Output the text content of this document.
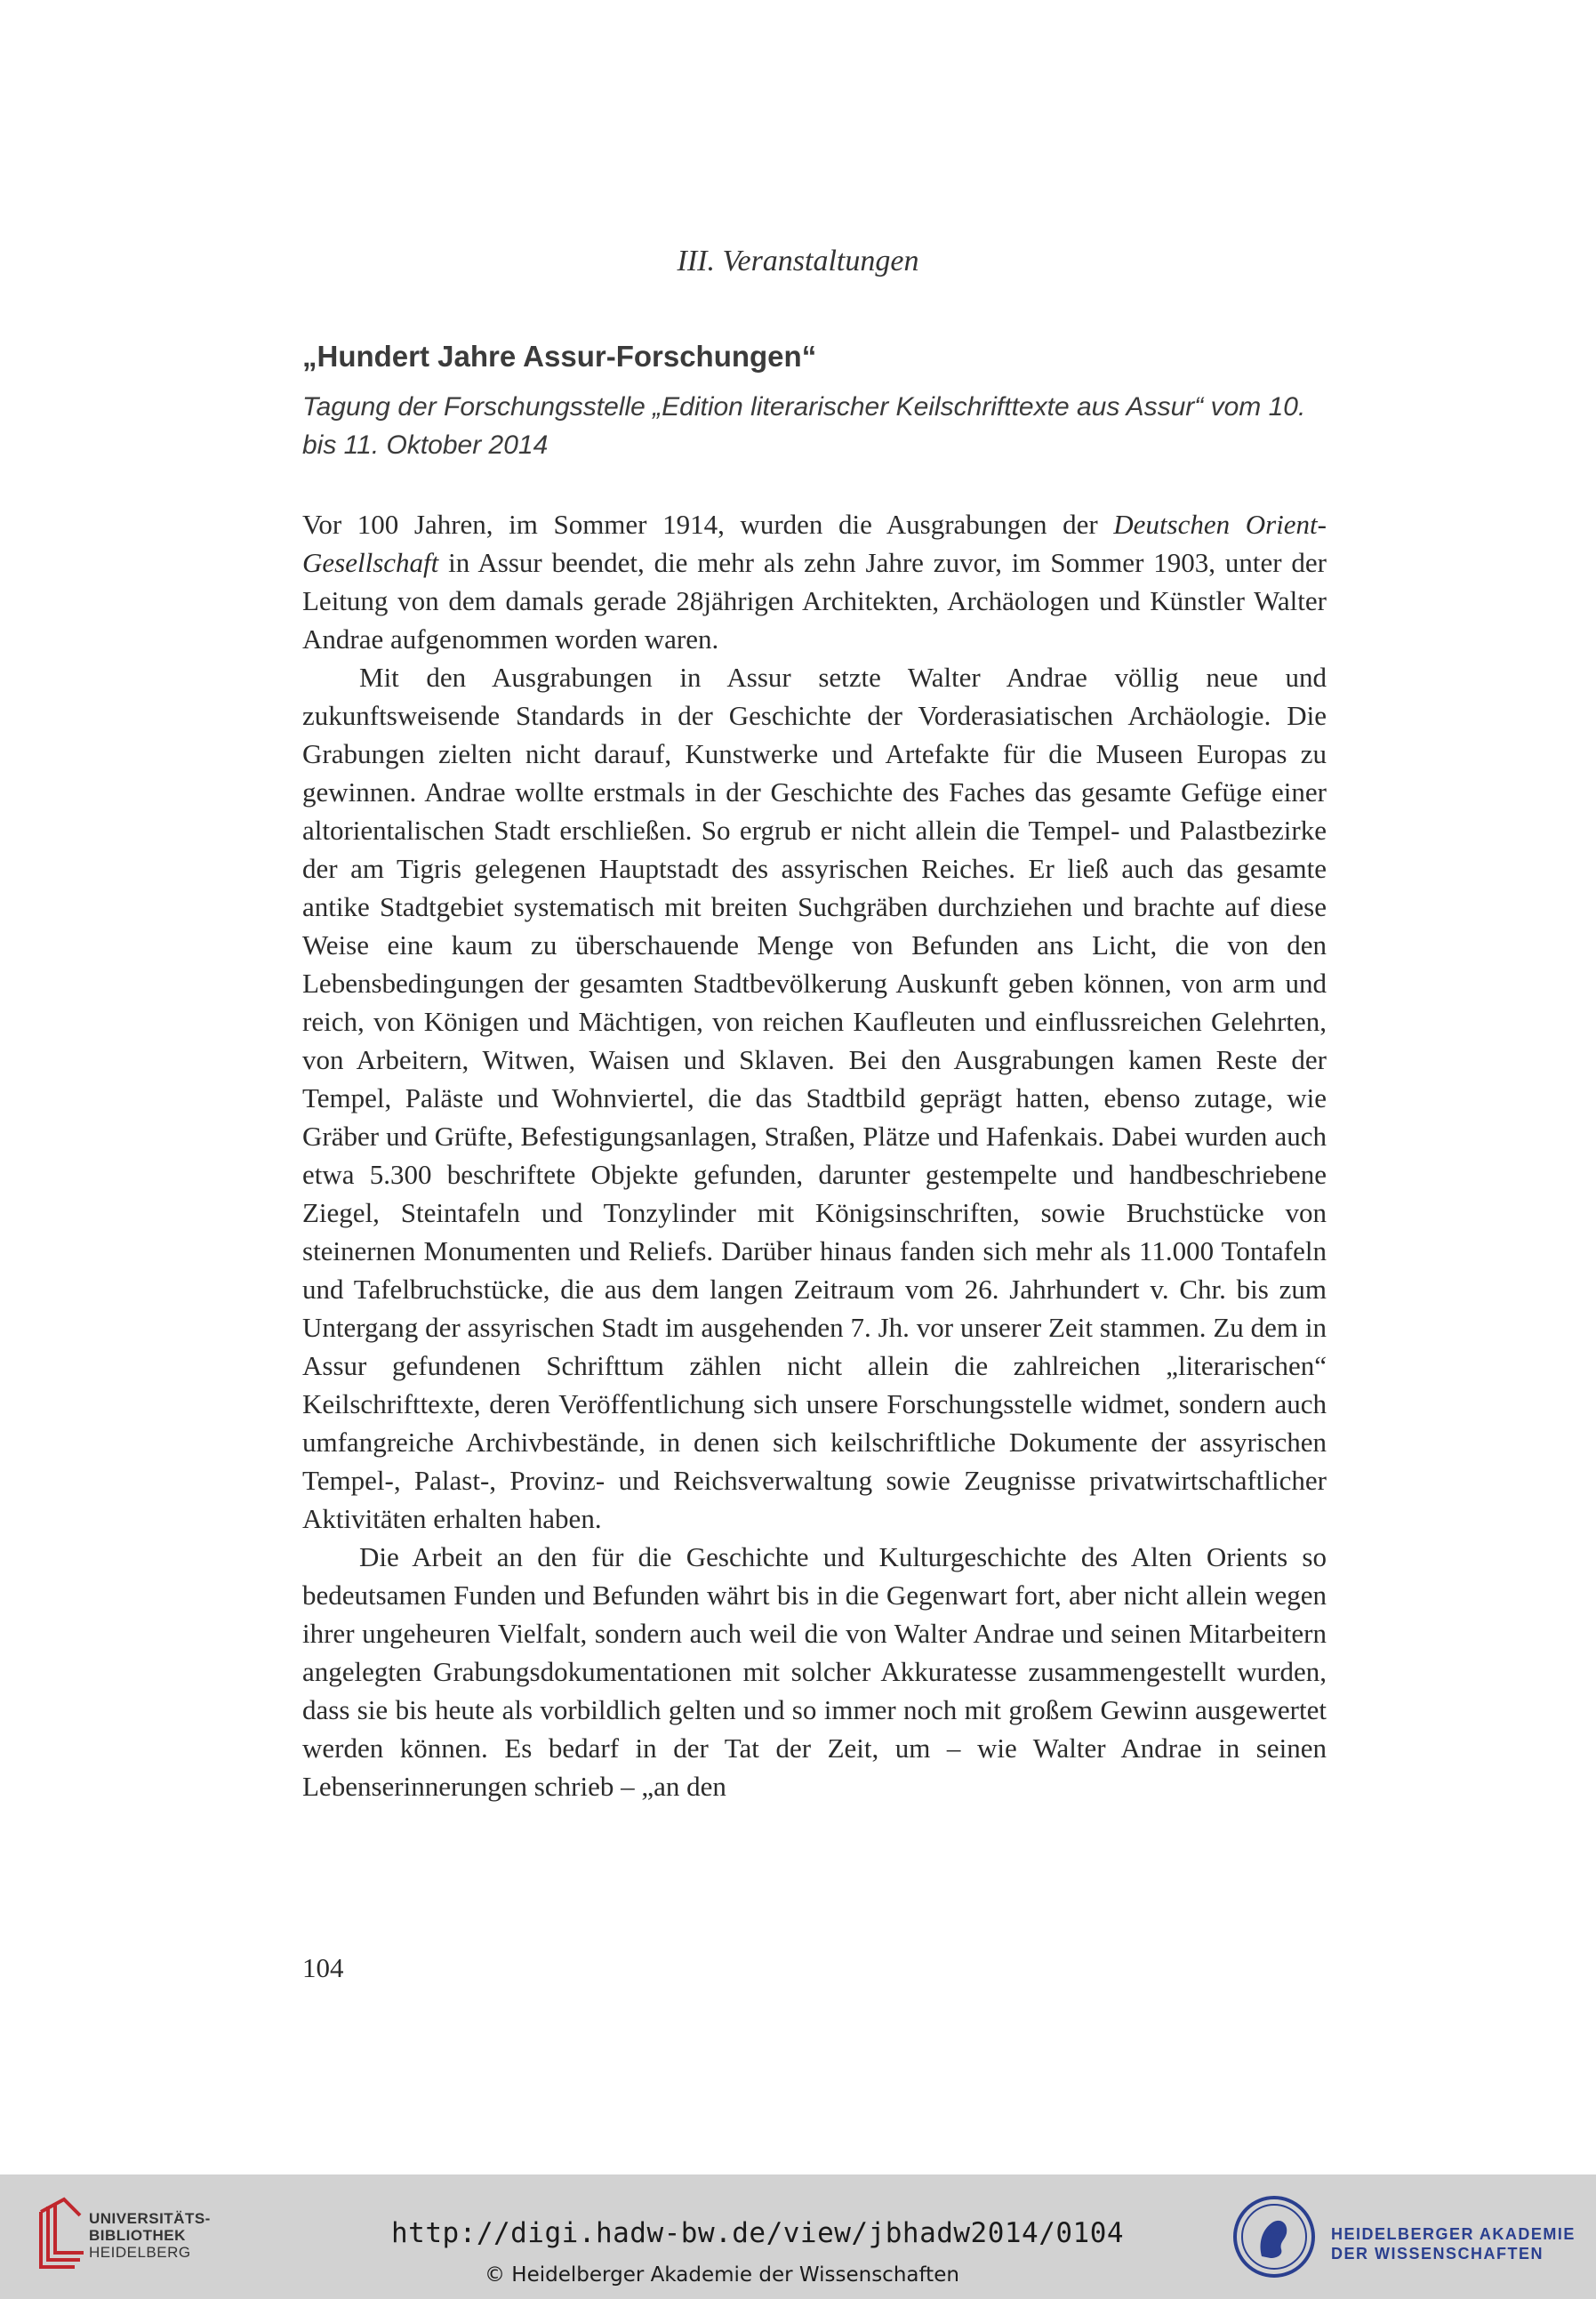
III. Veranstaltungen
„Hundert Jahre Assur-Forschungen“
Tagung der Forschungsstelle „Edition literarischer Keilschrifttexte aus Assur“ vom 10. bis 11. Oktober 2014

Vor 100 Jahren, im Sommer 1914, wurden die Ausgrabungen der Deutschen Orient-Gesellschaft in Assur beendet, die mehr als zehn Jahre zuvor, im Sommer 1903, unter der Leitung von dem damals gerade 28jährigen Architekten, Archäologen und Künstler Walter Andrae aufgenommen worden waren.

Mit den Ausgrabungen in Assur setzte Walter Andrae völlig neue und zukunftsweisende Standards in der Geschichte der Vorderasiatischen Archäologie. Die Grabungen zielten nicht darauf, Kunstwerke und Artefakte für die Museen Europas zu gewinnen. Andrae wollte erstmals in der Geschichte des Faches das gesamte Gefüge einer altorientalischen Stadt erschließen. So ergrub er nicht allein die Tempel- und Palastbezirke der am Tigris gelegenen Hauptstadt des assyrischen Reiches. Er ließ auch das gesamte antike Stadtgebiet systematisch mit breiten Suchgräben durchziehen und brachte auf diese Weise eine kaum zu überschauende Menge von Befunden ans Licht, die von den Lebensbedingungen der gesamten Stadtbevölkerung Auskunft geben können, von arm und reich, von Königen und Mächtigen, von reichen Kaufleuten und einflussreichen Gelehrten, von Arbeitern, Witwen, Waisen und Sklaven. Bei den Ausgrabungen kamen Reste der Tempel, Paläste und Wohnviertel, die das Stadtbild geprägt hatten, ebenso zutage, wie Gräber und Grüfte, Befestigungsanlagen, Straßen, Plätze und Hafenkais. Dabei wurden auch etwa 5.300 beschriftete Objekte gefunden, darunter gestempelte und handbeschriebene Ziegel, Steintafeln und Tonzylinder mit Königsinschriften, sowie Bruchstücke von steinernen Monumenten und Reliefs. Darüber hinaus fanden sich mehr als 11.000 Tontafeln und Tafelbruchstücke, die aus dem langen Zeitraum vom 26. Jahrhundert v. Chr. bis zum Untergang der assyrischen Stadt im ausgehenden 7. Jh. vor unserer Zeit stammen. Zu dem in Assur gefundenen Schrifttum zählen nicht allein die zahlreichen „literarischen“ Keilschrifttexte, deren Veröffentlichung sich unsere Forschungsstelle widmet, sondern auch umfangreiche Archivbestände, in denen sich keilschriftliche Dokumente der assyrischen Tempel-, Palast-, Provinz- und Reichsverwaltung sowie Zeugnisse privatwirtschaftlicher Aktivitäten erhalten haben.

Die Arbeit an den für die Geschichte und Kulturgeschichte des Alten Orients so bedeutsamen Funden und Befunden währt bis in die Gegenwart fort, aber nicht allein wegen ihrer ungeheuren Vielfalt, sondern auch weil die von Walter Andrae und seinen Mitarbeitern angelegten Grabungsdokumentationen mit solcher Akkuratesse zusammengestellt wurden, dass sie bis heute als vorbildlich gelten und so immer noch mit großem Gewinn ausgewertet werden können. Es bedarf in der Tat der Zeit, um – wie Walter Andrae in seinen Lebenserinnerungen schrieb – „an den

104
UNIVERSITÄTS-
BIBLIOTHEK
HEIDELBERG
http://digi.hadw-bw.de/view/jbhadw2014/0104
© Heidelberger Akademie der Wissenschaften
HEIDELBERGER AKADEMIE
DER WISSENSCHAFTEN
